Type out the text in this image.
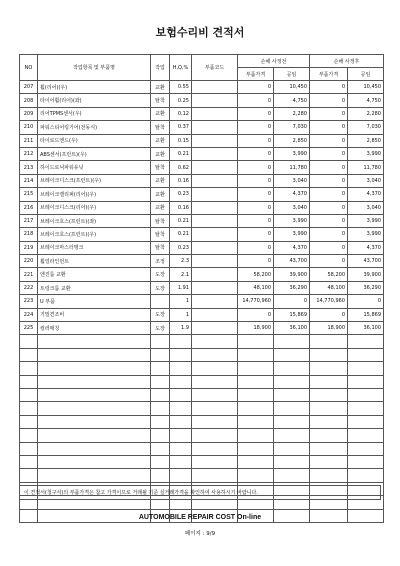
보험수리비 견적서
NO	작업항목 및 부품명	작업	H,Q,%	부품코드	손해 사정전		손해 사정후	
					부품가격	공임	부품가격	공임
207	휠(리어)(우)	교환	0.55		0	10,450	0	10,450
208	타이어휠(리어)(좌)	탈착	0.25		0	4,750	0	4,750
209	리어TPMS센서(우)	교환	0.12		0	2,280	0	2,280
210	파워스티어링기어(전동식)	탈착	0.37		0	7,030	0	7,030
211	타이로드엔드(우)	교환	0.15		0	2,850	0	2,850
212	ABS센서(프런트)(우)	교환	0.21		0	3,990	0	3,990
213	하이드로닉파워유닛	탈착	0.62		0	11,780	0	11,780
214	브레이크디스크(프런트)(우)	교환	0.16		0	3,040	0	3,040
215	브레이크캘리퍼(리어)(우)	교환	0.23		0	4,370	0	4,370
216	브레이크디스크(리어)(우)	교환	0.16		0	3,040	0	3,040
217	브레이크호스(프런트)(좌)	탈착	0.21		0	3,990	0	3,990
218	브레이크호스(프런트)(우)	탈착	0.21		0	3,990	0	3,990
219	브레이크마스터탱크	탈착	0.23		0	4,370	0	4,370
220	휠얼라인먼트	조정	2.3		0	43,700	0	43,700
221	엔진룸 교환	도장	2.1		58,200	39,900	58,200	39,900
222	트렁크룸 교환	도장	1.91		48,100	36,290	48,100	36,290
223	U 부품		1		14,770,960	0	14,770,960	0
224	기밀견조비	도장	1		0	15,869	0	15,869
225	컬러매칭	도장	1.9		18,900	36,100	18,900	36,100

이 견적서(청구서)의 부품가격은 참고 가격이므로 거래될 기준 실거래가격을 확인하여 사용하시기 바랍니다.
AUTOMOBILE REPAIR COST On-line
페이지 : 9/9
